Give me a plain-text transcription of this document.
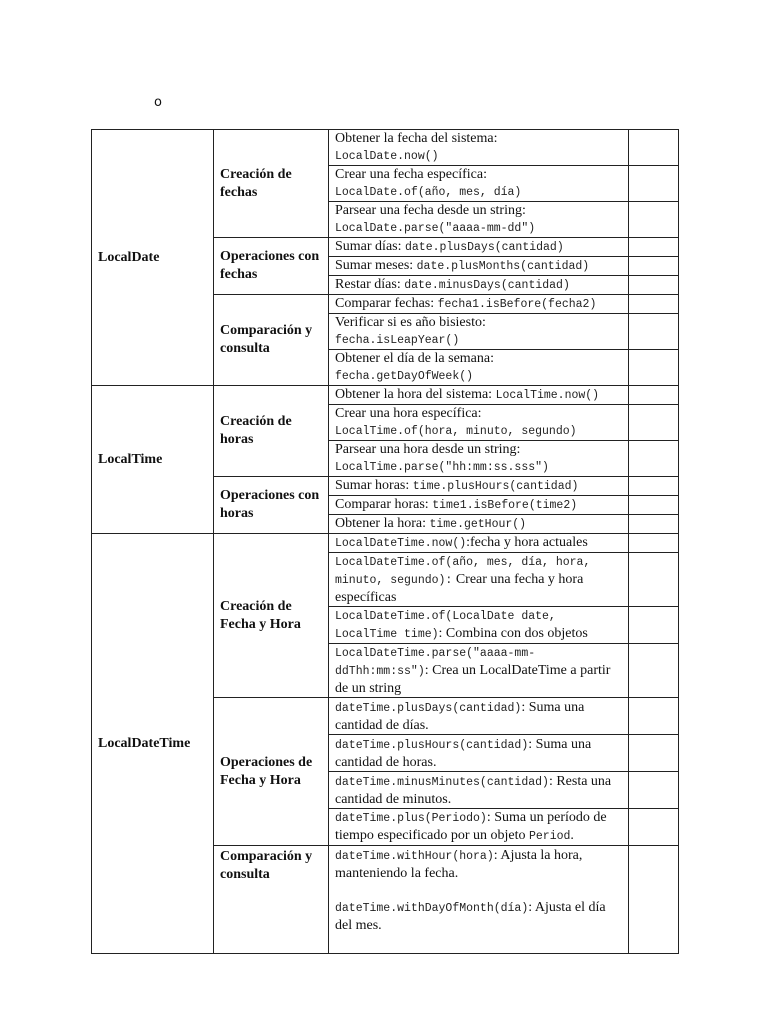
o
LocalDate	Creación de fechas	Obtener la fecha del sistema:
LocalDate.now()	
		Crear una fecha específica:
LocalDate.of(año, mes, día)	
		Parsear una fecha desde un string:
LocalDate.parse("aaaa-mm-dd")	
	Operaciones con fechas	Sumar días: date.plusDays(cantidad)	
		Sumar meses: date.plusMonths(cantidad)	
		Restar días: date.minusDays(cantidad)	
	Comparación y consulta	Comparar fechas: fecha1.isBefore(fecha2)	
		Verificar si es año bisiesto:
fecha.isLeapYear()	
		Obtener el día de la semana:
fecha.getDayOfWeek()	
LocalTime	Creación de horas	Obtener la hora del sistema: LocalTime.now()	
		Crear una hora específica:
LocalTime.of(hora, minuto, segundo)	
		Parsear una hora desde un string:
LocalTime.parse("hh:mm:ss.sss")	
	Operaciones con horas	Sumar horas: time.plusHours(cantidad)	
		Comparar horas: time1.isBefore(time2)	
		Obtener la hora: time.getHour()	
LocalDateTime	Creación de Fecha y Hora	LocalDateTime.now():fecha y hora actuales	
		LocalDateTime.of(año, mes, día, hora, minuto, segundo): Crear una fecha y hora específicas	
		LocalDateTime.of(LocalDate date, LocalTime time): Combina con dos objetos	
		LocalDateTime.parse("aaaa-mm-ddThh:mm:ss"): Crea un LocalDateTime a partir de un string	
	Operaciones de Fecha y Hora	dateTime.plusDays(cantidad): Suma una cantidad de días.	
		dateTime.plusHours(cantidad): Suma una cantidad de horas.	
		dateTime.minusMinutes(cantidad): Resta una cantidad de minutos.	
		dateTime.plus(Periodo): Suma un período de tiempo especificado por un objeto Period.	
	Comparación y consulta	dateTime.withHour(hora): Ajusta la hora, manteniendo la fecha.
dateTime.withDayOfMonth(día): Ajusta el día del mes.	
